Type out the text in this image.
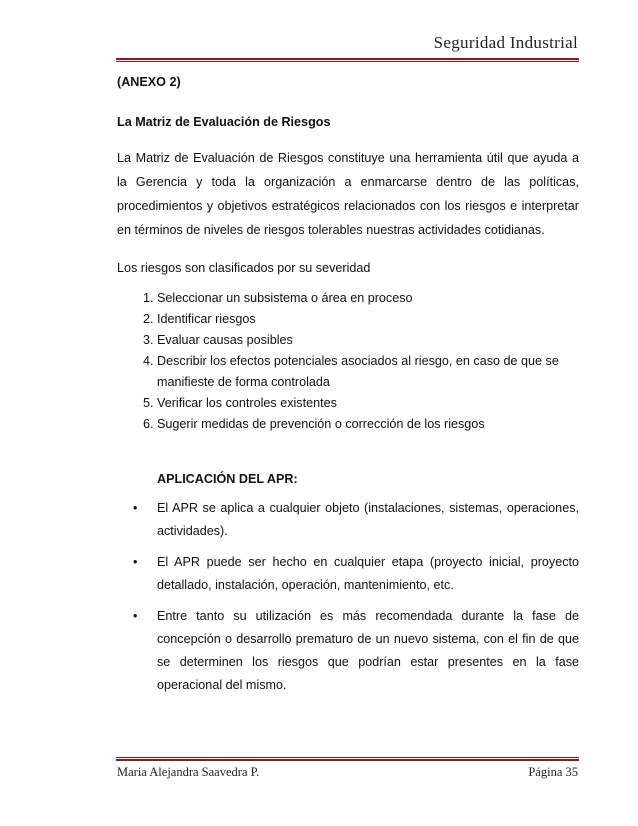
Seguridad Industrial
(ANEXO 2)
La Matriz de Evaluación de Riesgos
La Matriz de Evaluación de Riesgos constituye una herramienta útil que ayuda a la Gerencia y toda la organización a enmarcarse dentro de las políticas, procedimientos y objetivos estratégicos relacionados con los riesgos e interpretar en términos de niveles de riesgos tolerables nuestras actividades cotidianas.
Los riesgos son clasificados por su severidad
1. Seleccionar un subsistema o área en proceso
2. Identificar riesgos
3. Evaluar causas posibles
4. Describir los efectos potenciales asociados al riesgo, en caso de que se manifieste de forma controlada
5. Verificar los controles existentes
6. Sugerir medidas de prevención o corrección de los riesgos
APLICACIÓN DEL APR:
• El APR se aplica a cualquier objeto (instalaciones, sistemas, operaciones, actividades).
• El APR puede ser hecho en cualquier etapa (proyecto inicial, proyecto detallado, instalación, operación, mantenimiento, etc.
• Entre tanto su utilización es más recomendada durante la fase de concepción o desarrollo prematuro de un nuevo sistema, con el fin de que se determinen los riesgos que podrían estar presentes en la fase operacional del mismo.
Maria Alejandra Saavedra P.	Página 35
